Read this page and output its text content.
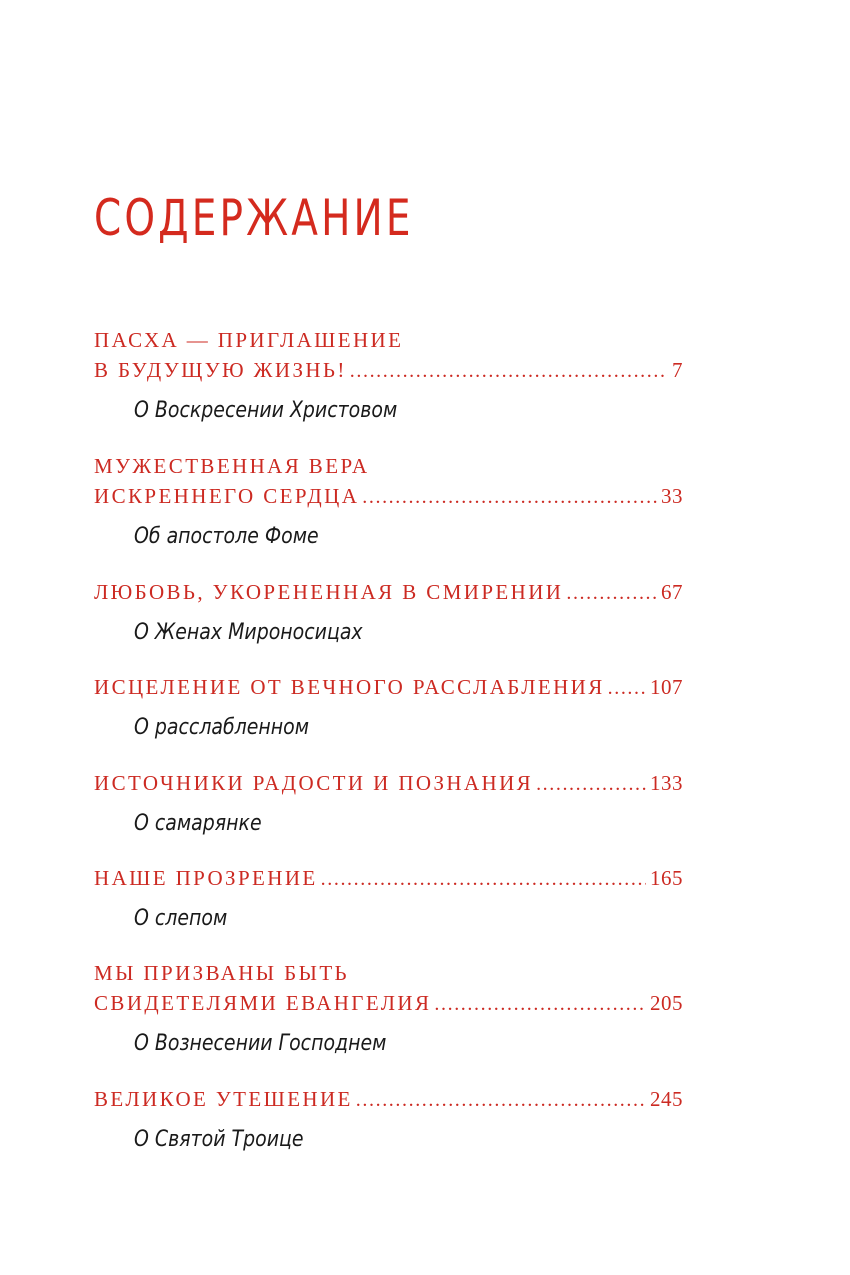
СОДЕРЖАНИЕ
ПАСХА — ПРИГЛАШЕНИЕ
В БУДУЩУЮ ЖИЗНЬ! .....	7
О Воскресении Христовом
МУЖЕСТВЕННАЯ ВЕРА
ИСКРЕННЕГО СЕРДЦА .....	33
Об апостоле Фоме
ЛЮБОВЬ, УКОРЕНЕННАЯ В СМИРЕНИИ .....	67
О Женах Мироносицах
ИСЦЕЛЕНИЕ ОТ ВЕЧНОГО РАССЛАБЛЕНИЯ ..... 107
О расслабленном
ИСТОЧНИКИ РАДОСТИ И ПОЗНАНИЯ .....	133
О самарянке
НАШЕ ПРОЗРЕНИЕ .....	165
О слепом
МЫ ПРИЗВАНЫ БЫТЬ
СВИДЕТЕЛЯМИ ЕВАНГЕЛИЯ .....	205
О Вознесении Господнем
ВЕЛИКОЕ УТЕШЕНИЕ .....	245
О Святой Троице
